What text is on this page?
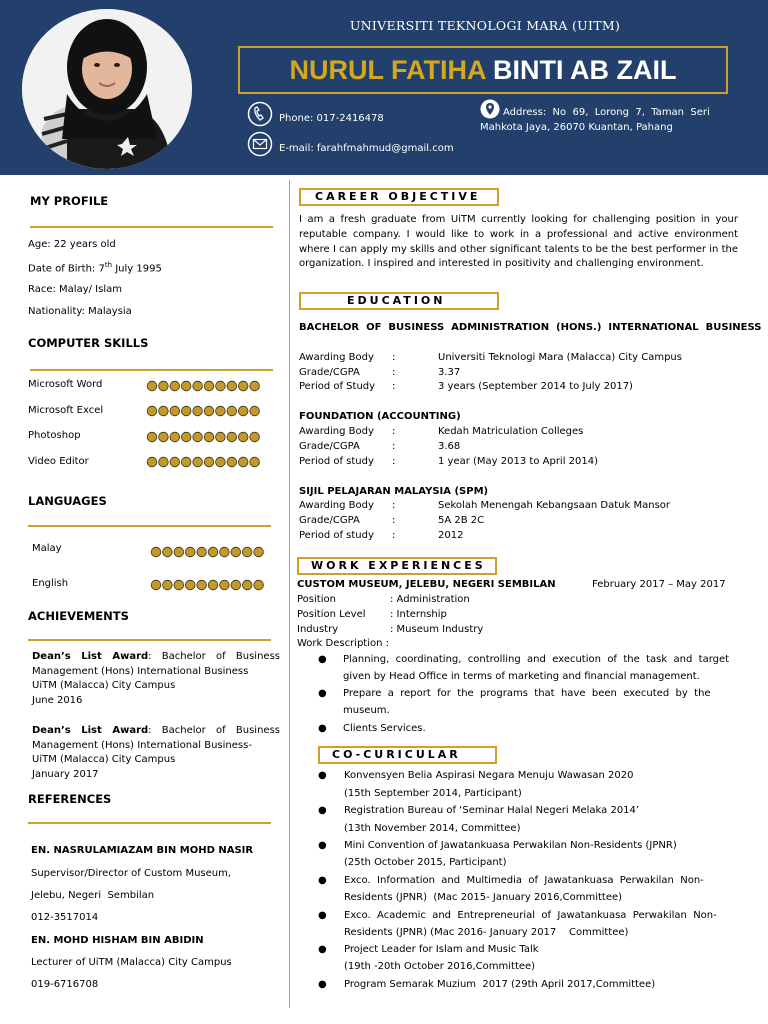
UNIVERSITI TEKNOLOGI MARA (UITM)
NURUL FATIHA BINTI AB ZAIL
Phone: 017-2416478
E-mail: farahfmahmud@gmail.com
Address:  No  69,  Lorong  7,  Taman  Seri
Mahkota Jaya, 26070 Kuantan, Pahang
MY PROFILE
Age: 22 years old
Date of Birth: 7th July 1995
Race: Malay/ Islam
Nationality: Malaysia
COMPUTER SKILLS
Microsoft Word
Microsoft Excel
Photoshop
Video Editor
LANGUAGES
Malay
English
ACHIEVEMENTS
Dean’s List Award: Bachelor of Business Management (Hons) International Business
UiTM (Malacca) City Campus
June 2016
Dean’s List Award: Bachelor of Business Management (Hons) International Business-
UiTM (Malacca) City Campus
January 2017
REFERENCES
EN. NASRULAMIAZAM BIN MOHD NASIR
Supervisor/Director of Custom Museum,
Jelebu, Negeri  Sembilan
012-3517014
EN. MOHD HISHAM BIN ABIDIN
Lecturer of UiTM (Malacca) City Campus
019-6716708
CAREER OBJECTIVE
I am a fresh graduate from UiTM currently looking for challenging position in your reputable company. I would like to work in a professional and active environment where I can apply my skills and other significant talents to be the best performer in the organization. I inspired and interested in positivity and challenging environment.
EDUCATION
BACHELOR  OF  BUSINESS  ADMINISTRATION  (HONS.)  INTERNATIONAL  BUSINESS
Awarding Body :	Universiti Teknologi Mara (Malacca) City Campus
Grade/CGPA	:	3.37
Period of Study :	3 years (September 2014 to July 2017)
FOUNDATION (ACCOUNTING)
Awarding Body :	Kedah Matriculation Colleges
Grade/CGPA	:	3.68
Period of study :	1 year (May 2013 to April 2014)
SIJIL PELAJARAN MALAYSIA (SPM)
Awarding Body :	Sekolah Menengah Kebangsaan Datuk Mansor
Grade/CGPA	:	5A 2B 2C
Period of study :	2012
WORK EXPERIENCES
CUSTOM MUSEUM, JELEBU, NEGERI SEMBILAN	February 2017 – May 2017
Position	: Administration
Position Level : Internship
Industry	: Museum Industry
Work Description :
● Planning,  coordinating,  controlling  and  execution  of  the  task  and  target
given by Head Office in terms of marketing and financial management.
● Prepare  a  report  for  the  programs  that  have  been  executed  by  the
museum.
● Clients Services.
CO-CURICULAR
● Konvensyen Belia Aspirasi Negara Menuju Wawasan 2020
(15th September 2014, Participant)
● Registration Bureau of ‘Seminar Halal Negeri Melaka 2014’
(13th November 2014, Committee)
● Mini Convention of Jawatankuasa Perwakilan Non-Residents (JPNR)
(25th October 2015, Participant)
● Exco.  Information  and  Multimedia  of  Jawatankuasa  Perwakilan  Non-
Residents (JPNR)  (Mac 2015- January 2016,Committee)
● Exco.  Academic  and  Entrepreneurial  of  Jawatankuasa  Perwakilan  Non-
Residents (JPNR) (Mac 2016- January 2017    Committee)
● Project Leader for Islam and Music Talk
(19th -20th October 2016,Committee)
● Program Semarak Muzium  2017 (29th April 2017,Committee)
